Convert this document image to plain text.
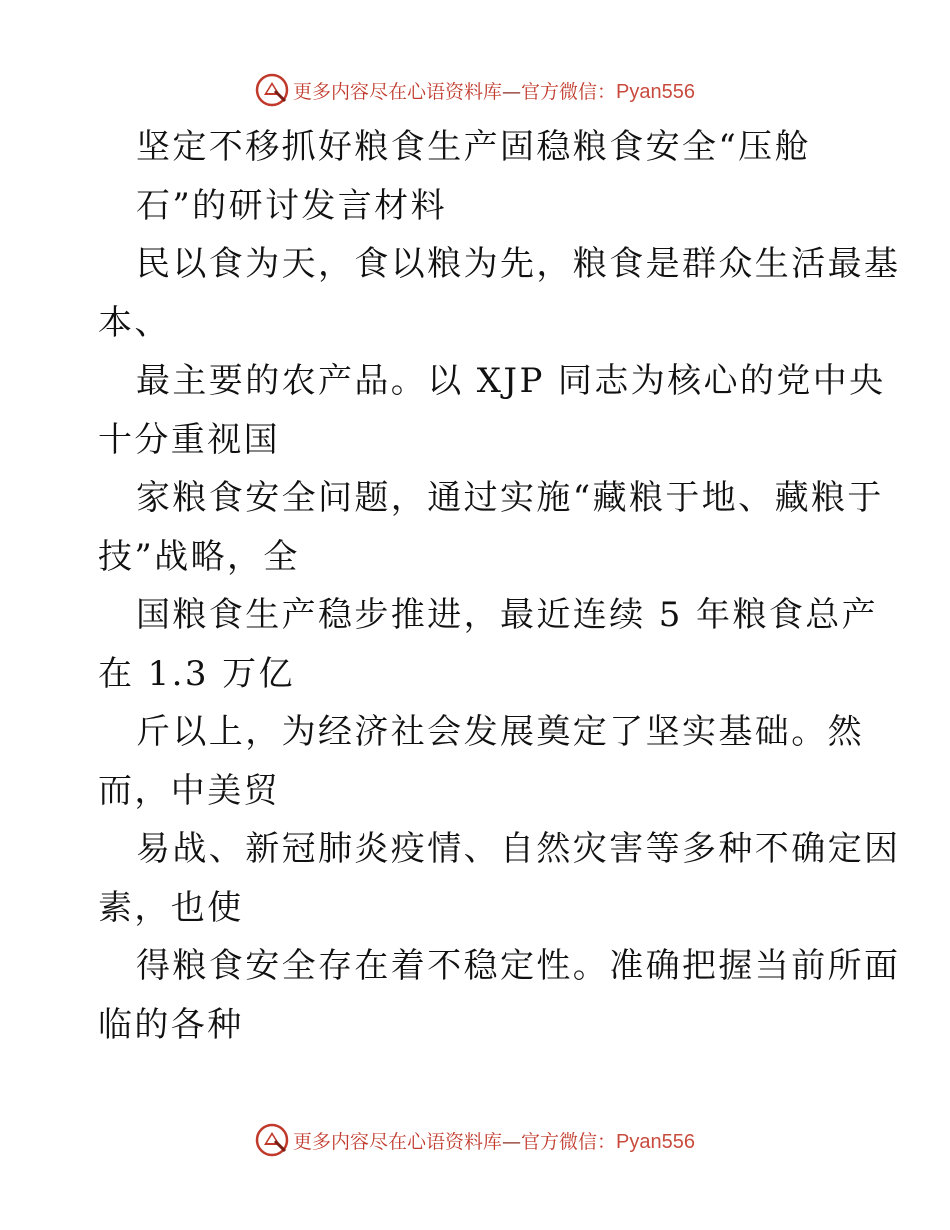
更多内容尽在心语资料库—官方微信：Pyan556
坚定不移抓好粮食生产固稳粮食安全“压舱
石”的研讨发言材料
民以食为天，食以粮为先，粮食是群众生活最基
本、
最主要的农产品。以 XJP 同志为核心的党中央
十分重视国
家粮食安全问题，通过实施“藏粮于地、藏粮于
技”战略，全
国粮食生产稳步推进，最近连续 5 年粮食总产
在 1.3 万亿
斤以上，为经济社会发展奠定了坚实基础。然
而，中美贸
易战、新冠肺炎疫情、自然灾害等多种不确定因
素，也使
得粮食安全存在着不稳定性。准确把握当前所面
临的各种
更多内容尽在心语资料库—官方微信：Pyan556
